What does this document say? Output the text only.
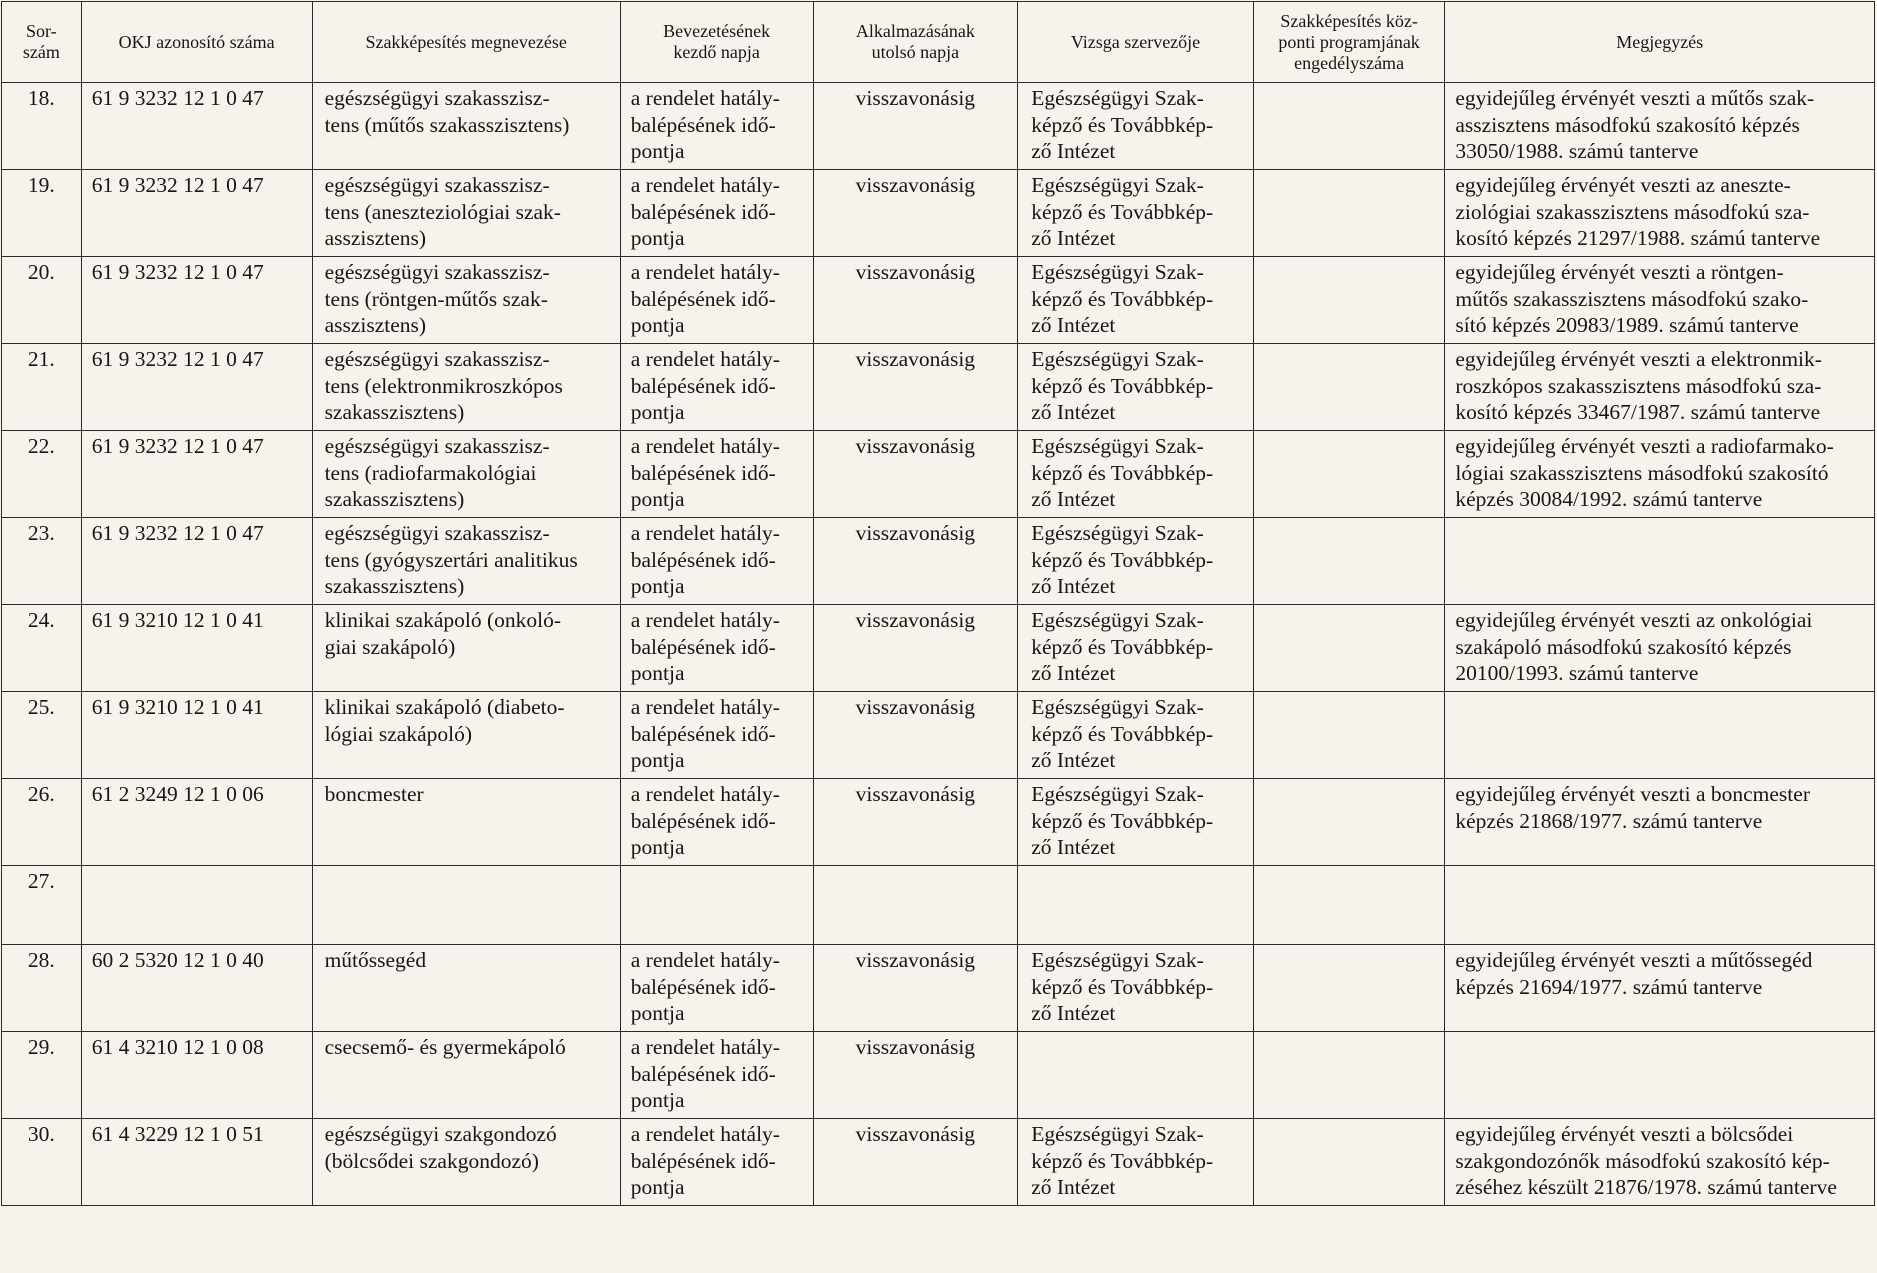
Sor-
szám	OKJ azonosító száma	Szakképesítés megnevezése	Bevezetésének
kezdő napja	Alkalmazásának
utolsó napja	Vizsga szervezője	Szakképesítés köz-
ponti programjának
engedélyszáma	Megjegyzés

18.	61 9 3232 12 1 0 47	egészségügyi szakasszisz-
tens (műtős szakasszisztens)	a rendelet hatály-
balépésének idő-
pontja	visszavonásig	Egészségügyi Szak-
képző és Továbbkép-
ző Intézet		egyidejűleg érvényét veszti a műtős szak-
asszisztens másodfokú szakosító képzés
33050/1988. számú tanterve

19.	61 9 3232 12 1 0 47	egészségügyi szakasszisz-
tens (aneszteziológiai szak-
asszisztens)	a rendelet hatály-
balépésének idő-
pontja	visszavonásig	Egészségügyi Szak-
képző és Továbbkép-
ző Intézet		egyidejűleg érvényét veszti az aneszte-
ziológiai szakasszisztens másodfokú sza-
kosító képzés 21297/1988. számú tanterve

20.	61 9 3232 12 1 0 47	egészségügyi szakasszisz-
tens (röntgen-műtős szak-
asszisztens)	a rendelet hatály-
balépésének idő-
pontja	visszavonásig	Egészségügyi Szak-
képző és Továbbkép-
ző Intézet		egyidejűleg érvényét veszti a röntgen-
műtős szakasszisztens másodfokú szako-
sító képzés 20983/1989. számú tanterve

21.	61 9 3232 12 1 0 47	egészségügyi szakasszisz-
tens (elektronmikroszkópos
szakasszisztens)	a rendelet hatály-
balépésének idő-
pontja	visszavonásig	Egészségügyi Szak-
képző és Továbbkép-
ző Intézet		egyidejűleg érvényét veszti a elektronmik-
roszkópos szakasszisztens másodfokú sza-
kosító képzés 33467/1987. számú tanterve

22.	61 9 3232 12 1 0 47	egészségügyi szakasszisz-
tens (radiofarmakológiai
szakasszisztens)	a rendelet hatály-
balépésének idő-
pontja	visszavonásig	Egészségügyi Szak-
képző és Továbbkép-
ző Intézet		egyidejűleg érvényét veszti a radiofarmako-
lógiai szakasszisztens másodfokú szakosító
képzés 30084/1992. számú tanterve

23.	61 9 3232 12 1 0 47	egészségügyi szakasszisz-
tens (gyógyszertári analitikus
szakasszisztens)	a rendelet hatály-
balépésének idő-
pontja	visszavonásig	Egészségügyi Szak-
képző és Továbbkép-
ző Intézet		

24.	61 9 3210 12 1 0 41	klinikai szakápoló (onkoló-
giai szakápoló)	a rendelet hatály-
balépésének idő-
pontja	visszavonásig	Egészségügyi Szak-
képző és Továbbkép-
ző Intézet		egyidejűleg érvényét veszti az onkológiai
szakápoló másodfokú szakosító képzés
20100/1993. számú tanterve

25.	61 9 3210 12 1 0 41	klinikai szakápoló (diabeto-
lógiai szakápoló)	a rendelet hatály-
balépésének idő-
pontja	visszavonásig	Egészségügyi Szak-
képző és Továbbkép-
ző Intézet		

26.	61 2 3249 12 1 0 06	boncmester	a rendelet hatály-
balépésének idő-
pontja	visszavonásig	Egészségügyi Szak-
képző és Továbbkép-
ző Intézet		egyidejűleg érvényét veszti a boncmester
képzés 21868/1977. számú tanterve

27.							

28.	60 2 5320 12 1 0 40	műtőssegéd	a rendelet hatály-
balépésének idő-
pontja	visszavonásig	Egészségügyi Szak-
képző és Továbbkép-
ző Intézet		egyidejűleg érvényét veszti a műtőssegéd
képzés 21694/1977. számú tanterve

29.	61 4 3210 12 1 0 08	csecsemő- és gyermekápoló	a rendelet hatály-
balépésének idő-
pontja	visszavonásig			

30.	61 4 3229 12 1 0 51	egészségügyi szakgondozó
(bölcsődei szakgondozó)	a rendelet hatály-
balépésének idő-
pontja	visszavonásig	Egészségügyi Szak-
képző és Továbbkép-
ző Intézet		egyidejűleg érvényét veszti a bölcsődei
szakgondozónők másodfokú szakosító kép-
zéséhez készült 21876/1978. számú tanterve
